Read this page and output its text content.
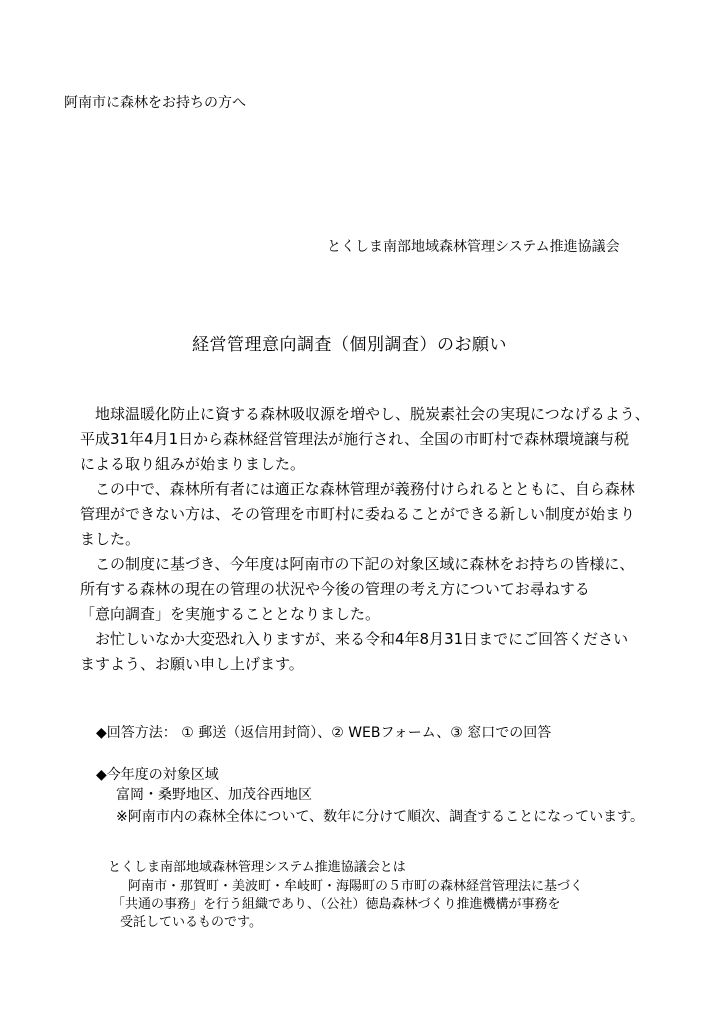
阿南市に森林をお持ちの方へ
とくしま南部地域森林管理システム推進協議会
経営管理意向調査（個別調査）のお願い
　地球温暖化防止に資する森林吸収源を増やし、脱炭素社会の実現につなげるよう、
平成31年4月1日から森林経営管理法が施行され、全国の市町村で森林環境譲与税
による取り組みが始まりました。
　この中で、森林所有者には適正な森林管理が義務付けられるとともに、自ら森林
管理ができない方は、その管理を市町村に委ねることができる新しい制度が始まり
ました。
　この制度に基づき、今年度は阿南市の下記の対象区域に森林をお持ちの皆様に、
所有する森林の現在の管理の状況や今後の管理の考え方についてお尋ねする
「意向調査」を実施することとなりました。
　お忙しいなか大変恐れ入りますが、来る令和4年8月31日までにご回答ください
ますよう、お願い申し上げます。
◆回答方法： ① 郵送（返信用封筒）、② WEBフォーム、③ 窓口での回答
◆今年度の対象区域
富岡・桑野地区、加茂谷西地区
※阿南市内の森林全体について、数年に分けて順次、調査することになっています。
とくしま南部地域森林管理システム推進協議会とは
阿南市・那賀町・美波町・牟岐町・海陽町の５市町の森林経営管理法に基づく
「共通の事務」を行う組織であり、（公社）徳島森林づくり推進機構が事務を
受託しているものです。
